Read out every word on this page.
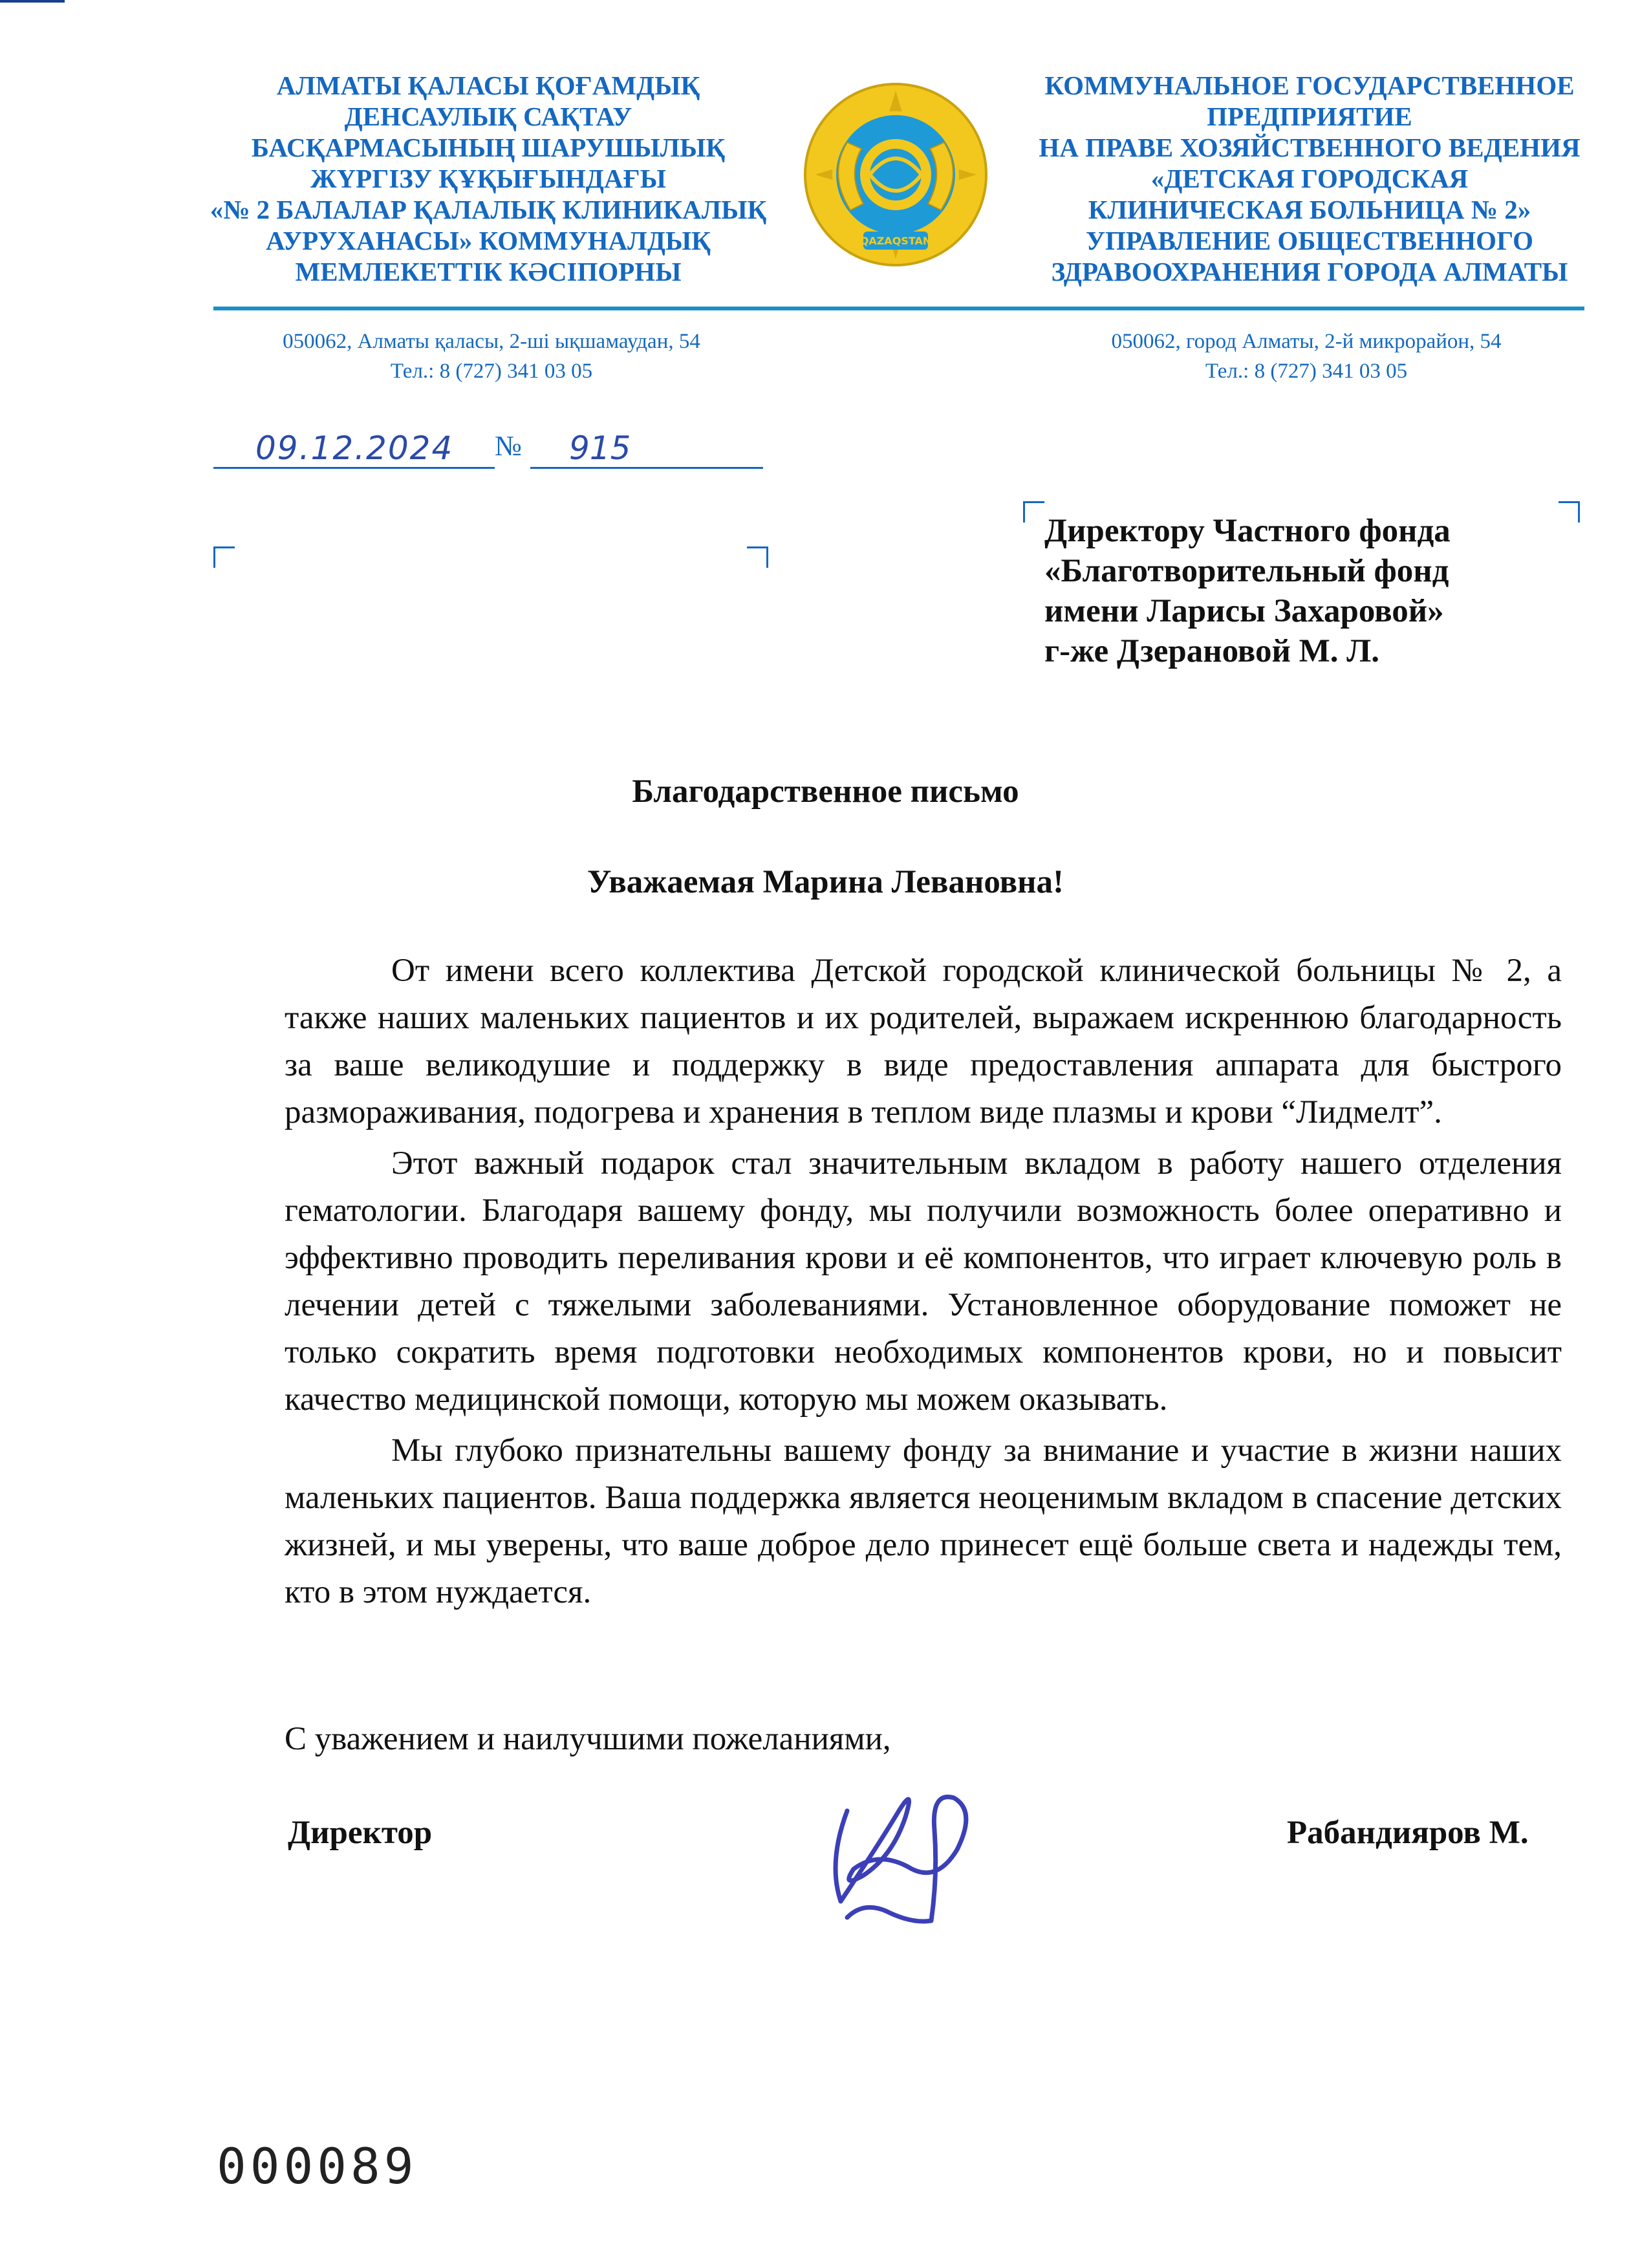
АЛМАТЫ ҚАЛАСЫ ҚОҒАМДЫҚ
ДЕНСАУЛЫҚ САҚТАУ
БАСҚАРМАСЫНЫҢ ШАРУШЫЛЫҚ
ЖҮРГІЗУ ҚҰҚЫҒЫНДАҒЫ
«№ 2 БАЛАЛАР ҚАЛАЛЫҚ КЛИНИКАЛЫҚ
АУРУХАНАСЫ» КОММУНАЛДЫҚ
МЕМЛЕКЕТТІК КӘСІПОРНЫ
QAZAQSTAN
КОММУНАЛЬНОЕ ГОСУДАРСТВЕННОЕ
ПРЕДПРИЯТИЕ
НА ПРАВЕ ХОЗЯЙСТВЕННОГО ВЕДЕНИЯ
«ДЕТСКАЯ ГОРОДСКАЯ
КЛИНИЧЕСКАЯ БОЛЬНИЦА № 2»
УПРАВЛЕНИЕ ОБЩЕСТВЕННОГО
ЗДРАВООХРАНЕНИЯ ГОРОДА АЛМАТЫ
050062, Алматы қаласы, 2-ші ықшамаудан, 54
Тел.: 8 (727) 341 03 05
050062, город Алматы, 2-й микрорайон, 54
Тел.: 8 (727) 341 03 05
09.12.2024 № 915
Директору Частного фонда
«Благотворительный фонд
имени Ларисы Захаровой»
г-же Дзерановой М. Л.
Благодарственное письмо
Уважаемая Марина Левановна!

От имени всего коллектива Детской городской клинической больницы № 2, а также наших маленьких пациентов и их родителей, выражаем искреннюю благодарность за ваше великодушие и поддержку в виде предоставления аппарата для быстрого размораживания, подогрева и хранения в теплом виде плазмы и крови “Лидмелт”.

Этот важный подарок стал значительным вкладом в работу нашего отделения гематологии. Благодаря вашему фонду, мы получили возможность более оперативно и эффективно проводить переливания крови и её компонентов, что играет ключевую роль в лечении детей с тяжелыми заболеваниями. Установленное оборудование поможет не только сократить время подготовки необходимых компонентов крови, но и повысит качество медицинской помощи, которую мы можем оказывать.

Мы глубоко признательны вашему фонду за внимание и участие в жизни наших маленьких пациентов. Ваша поддержка является неоценимым вкладом в спасение детских жизней, и мы уверены, что ваше доброе дело принесет ещё больше света и надежды тем, кто в этом нуждается.

С уважением и наилучшими пожеланиями,
Директор	Рабандияров М.
000089
